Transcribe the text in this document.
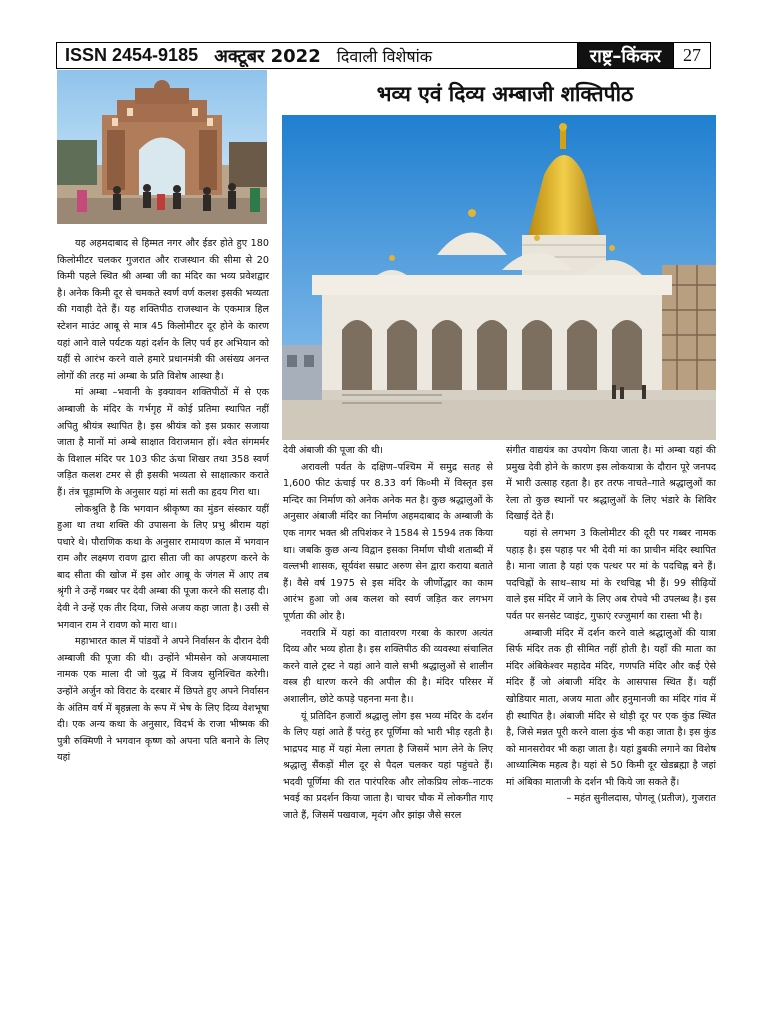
ISSN 2454-9185 अक्टूबर 2022	दिवाली विशेषांक	राष्ट्र–किंकर	27
भव्य एवं दिव्य अम्बाजी शक्तिपीठ

यह अहमदाबाद से हिम्मत नगर और ईडर होते हुए 180 किलोमीटर चलकर गुजरात और राजस्थान की सीमा से 20 किमी पहले स्थित श्री अम्बा जी का मंदिर का भव्य प्रवेशद्वार है। अनेक किमी दूर से चमकते स्वर्ण वर्ण कलश इसकी भव्यता की गवाही देते हैं। यह शक्तिपीठ राजस्थान के एकमात्र हिल स्टेशन माउंट आबू से मात्र 45 किलोमीटर दूर होने के कारण यहां आने वाले पर्यटक यहां दर्शन के लिए पर्व हर अभियान को यहीं से आरंभ करने वाले हमारे प्रधानमंत्री की असंख्य अनन्त लोगों की तरह मां अम्बा के प्रति विशेष आस्था है।

मां अम्बा –भवानी के इक्यावन शक्तिपीठों में से एक अम्बाजी के मंदिर के गर्भगृह में कोई प्रतिमा स्थापित नहीं अपितु श्रीयंत्र स्थापित है। इस श्रीयंत्र को इस प्रकार सजाया जाता है मानों मां अम्बे साक्षात विराजमान हों। श्वेत संगमर्मर के विशाल मंदिर पर 103 फीट ऊंचा शिखर तथा 358 स्वर्ण जड़ित कलश टमर से ही इसकी भव्यता से साक्षात्कार कराते हैं। तंत्र चूड़ामणि के अनुसार यहां मां सती का हृदय गिरा था।

लोकश्रुति है कि भगवान श्रीकृष्ण का मुंडन संस्कार यहीं हुआ था तथा शक्ति की उपासना के लिए प्रभु श्रीराम यहां पधारे थे। पौराणिक कथा के अनुसार रामायण काल में भगवान राम और लक्ष्मण रावण द्वारा सीता जी का अपहरण करने के बाद सीता की खोज में इस ओर आबू के जंगल में आए तब श्रृंगी ने उन्हें गब्बर पर देवी अम्बा की पूजा करने की सलाह दी। देवी ने उन्हें एक तीर दिया, जिसे अजय कहा जाता है। उसी से भगवान राम ने रावण को मारा था।।

महाभारत काल में पांडवों ने अपने निर्वासन के दौरान देवी अम्बाजी की पूजा की थी। उन्होंने भीमसेन को अजयमाला नामक एक माला दी जो युद्ध में विजय सुनिश्चित करेगी। उन्होंने अर्जुन को विराट के दरबार में छिपते हुए अपने निर्वासन के अंतिम वर्ष में बृहन्नला के रूप में भेष के लिए दिव्य वेशभूषा दी। एक अन्य कथा के अनुसार, विदर्भ के राजा भीष्मक की पुत्री रुक्मिणी ने भगवान कृष्ण को अपना पति बनाने के लिए यहां

देवी अंबाजी की पूजा की थी।

अरावली पर्वत के दक्षिण–पश्चिम में समुद्र सतह से 1,600 फीट ऊंचाई पर 8.33 वर्ग कि०मी में विस्तृत इस मन्दिर का निर्माण को अनेक अनेक मत है। कुछ श्रद्धालुओं के अनुसार अंबाजी मंदिर का निर्माण अहमदाबाद के अम्बाजी के एक नागर भक्त श्री तपिशंकर ने 1584 से 1594 तक किया था। जबकि कुछ अन्य विद्वान इसका निर्माण चौथी शताब्दी में वल्लभी शासक, सूर्यवंश सम्राट अरुण सेन द्वारा कराया बताते हैं। वैसे वर्ष 1975 से इस मंदिर के जीर्णोद्धार का काम आरंभ हुआ जो अब कलश को स्वर्ण जड़ित कर लगभग पूर्णता की ओर है।

नवरात्रि में यहां का वातावरण गरबा के कारण अत्यंत दिव्य और भव्य होता है। इस शक्तिपीठ की व्यवस्था संचालित करने वाले ट्रस्ट ने यहां आने वाले सभी श्रद्धालुओं से शालीन वस्त्र ही धारण करने की अपील की है। मंदिर परिसर में अशालीन, छोटे कपड़े पहनना मना है।।

यूं प्रतिदिन हजारों श्रद्धालु लोग इस भव्य मंदिर के दर्शन के लिए यहां आते हैं परंतु हर पूर्णिमा को भारी भीड़ रहती है। भाद्रपद माह में यहां मेला लगता है जिसमें भाग लेने के लिए श्रद्धालु सैंकड़ों मील दूर से पैदल चलकर यहां पहुंचते हैं। भदवी पूर्णिमा की रात पारंपरिक और लोकप्रिय लोक–नाटक भवई का प्रदर्शन किया जाता है। चाचर चौक में लोकगीत गाए जाते हैं, जिसमें पखवाज, मृदंग और झांझ जैसे सरल

संगीत वाद्ययंत्र का उपयोग किया जाता है। मां अम्बा यहां की प्रमुख देवी होने के कारण इस लोकयात्रा के दौरान पूरे जनपद में भारी उत्साह रहता है। हर तरफ नाचते–गाते श्रद्धालुओं का रेला तो कुछ स्थानों पर श्रद्धालुओं के लिए भंडारे के शिविर दिखाई देते हैं।

यहां से लगभग 3 किलोमीटर की दूरी पर गब्बर नामक पहाड़ है। इस पहाड़ पर भी देवी मां का प्राचीन मंदिर स्थापित है। माना जाता है यहां एक पत्थर पर मां के पदचिह्न बने हैं। पदचिह्नों के साथ–साथ मां के रथचिह्न भी हैं। 99 सीढ़ियों वाले इस मंदिर में जाने के लिए अब रोपवे भी उपलब्ध है। इस पर्वत पर सनसेट प्वाइंट, गुफाएं रज्जुमार्ग का रास्ता भी है।

अम्बाजी मंदिर में दर्शन करने वाले श्रद्धालुओं की यात्रा सिर्फ मंदिर तक ही सीमित नहीं होती है। यहाँ की माता का मंदिर अंबिकेश्वर महादेव मंदिर, गणपति मंदिर और कई ऐसे मंदिर हैं जो अंबाजी मंदिर के आसपास स्थित हैं। यहीं खोडियार माता, अजय माता और हनुमानजी का मंदिर गांव में ही स्थापित है। अंबाजी मंदिर से थोड़ी दूर पर एक कुंड स्थित है, जिसे मन्नत पूरी करने वाला कुंड भी कहा जाता है। इस कुंड को मानसरोवर भी कहा जाता है। यहां डुबकी लगाने का विशेष आध्यात्मिक महत्व है। यहां से 50 किमी दूर खेडब्रह्मा है जहां मां अंबिका माताजी के दर्शन भी किये जा सकते हैं।

– महंत सुनीलदास, पोगलू (प्रतीज), गुजरात
